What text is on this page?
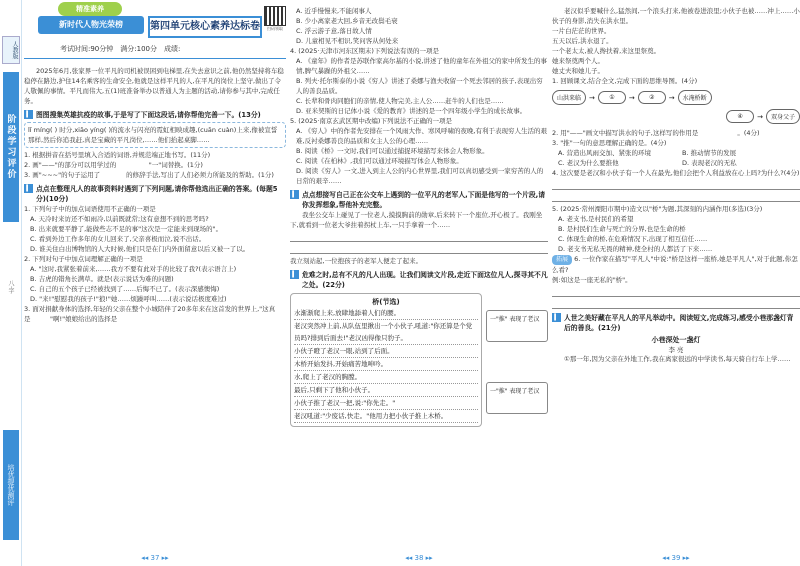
人教版
阶段学习评价
八·字
培优提优测评
精准素养
新时代人物光荣榜	第四单元核心素养达标卷	扫码领取
考试时间:90分钟　满分:100分　成绩:
2025年6月,张家界一位平凡的司机被误困到电梯里,在失去意识之前,他仍然坚持将车稳稳停在路边,护住14名乘客的生命安全,他就是这样平凡的人,在平凡的岗位上坚守,做出了令人敬佩的事情。平凡而伟大,五(1)班准备举办以普通人为主题的活动,请你参与其中,完成任务。
▍ 图图搜集英雄抗疫的故事,于是写了下面这段话,请你帮他完善一下。(13分)
lǐ míng( ) 时分,xiāo yíng( )的流水与闪亮的霓虹相映成趣,(cuān cuàn)上来,像被宣誓那样,然后你追我赶,真是宝藏的平凡岗位,……他们抬起桌脚……
1. 根据拼音在括号里填入合适的词语,并规范端正地书写。(11分)
2. 画"——"的部分可以用学过的　　　　　"一"词替换。(1分)
3. 画"~~~"的句子运用了　　　　的修辞手法,写出了人们必须力所能及的帮助。(1分)
▍ 点点在整理凡人的故事资料时遇到了下列问题,请你帮他选出正确的答案。(每题5分)(10分)
1. 下列句子中的加点词语使用不正确的一项是
A. 天冷时来访还不如雨冷,以前既就常;这有意想不到的思考吗?
B. 出来就要平静了,能做些志不足的事"这次是一定能来到现场的"。
C. 看到外边工作多年的女儿回来了,父亲喜极而泣,说不出话。
D. 谁关住白出博物馆的人大时候,他们只是在门内外面留意以后又被一了以。
2. 下列对句子中加点词理解正确的一项是
A. "这时,我紧张着前来,……我方不要有此对手的比较了我?(表示语言上)
B. 吉虎的错角长满草。就是(表示说话为难的问题)
C. 自己的五个孩子已经被找到了……后悔不已了。(表示深感懊悔)
D. "来!"慰慰我的孩子!"狼!"她……烦躁呼叫……(表示说话极度难过)
3. 面对捐献身体的选择,年轻的父亲在整个小城陪伴了20多年来在这首发的世界上,"这真是　　　"啊!"娘娘给出的选择是
◂◂ 37 ▸▸
A. 近乎慢慢来,不能闲事人
B. 少小离家老大回,乡音无改鬓毛衰
C. 浮云游子意,落日故人情
D. 儿童相见不相识,笑问客从何处来
4. (2025·天津市河东区期末)下列说法有误的一项是
A. 《童年》的作者是苏联作家高尔基的小说,讲述了他的童年在外祖父的家中所发生的事情,脾气暴躁的外祖父……
B. 列夫·托尔斯泰的小说《穷人》讲述了桑娜与渔夫收留一个死去邻居的孩子,表现出穷人的善良品质。
C. 长辈和骨肉同胞们的亲情,使人物完美,主人公……赶牛的人们也是……
D. 亚米契斯的日记体小说《爱的教育》讲述的是一个四年级小学生的成长故事。
5. (2025·南京玄武区期中改编)下列说法不正确的一项是
A. 《穷人》中的作者先安排在一个风雨大作、寒风呼啸的夜晚,有利于表现穷人生活的艰难,反衬桑娜善良的品质和女主人公的心理……
B. 阅读《桥》一文时,我们可以通过捕捉环境描写来体会人物形象。
C. 阅读《在柏林》,我们可以通过环境描写体会人物形象。
D. 阅读《穷人》一文,进入到主人公的内心世界里,我们可以真切感受到一家穷苦的人的日常的艰辛……
▍ 点点想接写自己正在公交车上遇到的一位平凡的老军人,下面是他写的一个片段,请你发挥想象,帮他补充完整。
我坐公交车上碰见了一位老人,摸摸胸前的勋章,后来转下一个座位,开心极了。我刚坐下,就看到一位老大爷拄着拐杖上车,一只手拿着一个……
我立刻站起,一位抱孩子的老军人便走了起来。
▍ 危难之时,总有不凡的凡人出现。让我们阅读文片段,走近下面这位凡人,探寻其不凡之处。(22分)
桥(节选)
水渐渐爬上来,放肆地舔着人们的腰。
老汉突然冲上前,从队伍里揪出一个小伙子,吼道:"你还算是个党员吗?排到后面去!"老汉凶得像只豹子。
小伙子瞪了老汉一眼,站到了后面。
木桥开始发抖,开始痛苦地呻吟。
水,爬上了老汉的胸膛。
最后,只剩下了他和小伙子。
小伙子推了老汉一把,说:"你先走。"
老汉吼道:"少废话,快走。"他用力把小伙子推上木桥。
一"推" 表现了老汉
一"推" 表现了老汉
◂◂ 38 ▸▸
老汉似乎要喊什么,猛然间,一个浪头打来,他被卷进浪里;小伙子也被……冲上……小伙子的身影,消失在洪水里。
一片白茫茫的世界。
五天以后,洪水退了。
一个老太太,被人搀扶着,来这里祭奠。
她来祭奠两个人。
她丈夫和她儿子。
1. 回顾课文,结合全文,完成下面的思维导图。(4分)
山洪来临	→	①	→	②	→	水淹桥断
④	→	双身父子
2. 用"——"画文中描写洪水的句子,这样写的作用是　　　　　　。(4分)
3. "推"一句的意思理解正确的是。(4分)
A. 营造出风雨交加、紧张的环境	B. 推动情节的发展
C. 老汉为什么要推他	D. 表现老汉的无私
4. 这次要是老汉和小伙子有一个人在最先,他们会把个人利益放在心上吗?为什么?(4分)
5. (2025·常州溧阳市期中)造文以"桥"为题,其深刻的内涵作用(多选)(3分)
A. 老支书,是村民们的希望
B. 是村民们生命与死亡的分界,也是生命的桥
C. 体现生命的桥,在危难情况下,出现了相互信任……
D. 老支书无私无畏的精神,使全村的人都活了下来……
拓展 6. 一位作家在描写"平凡人"中说:"桥是这样一座桥,她是平凡人",对于此题,你怎么看?
例:如这是一座无私的"桥"。
▍ 人世之美好藏在平凡人的平凡举动中。阅读短文,完成练习,感受小巷那盏灯背后的善良。(21分)
小巷深处一盏灯
李 亮
①那一年,因为父亲在外地工作,我在离家很远的中学读书,每天骑自行车上学……
◂◂ 39 ▸▸
